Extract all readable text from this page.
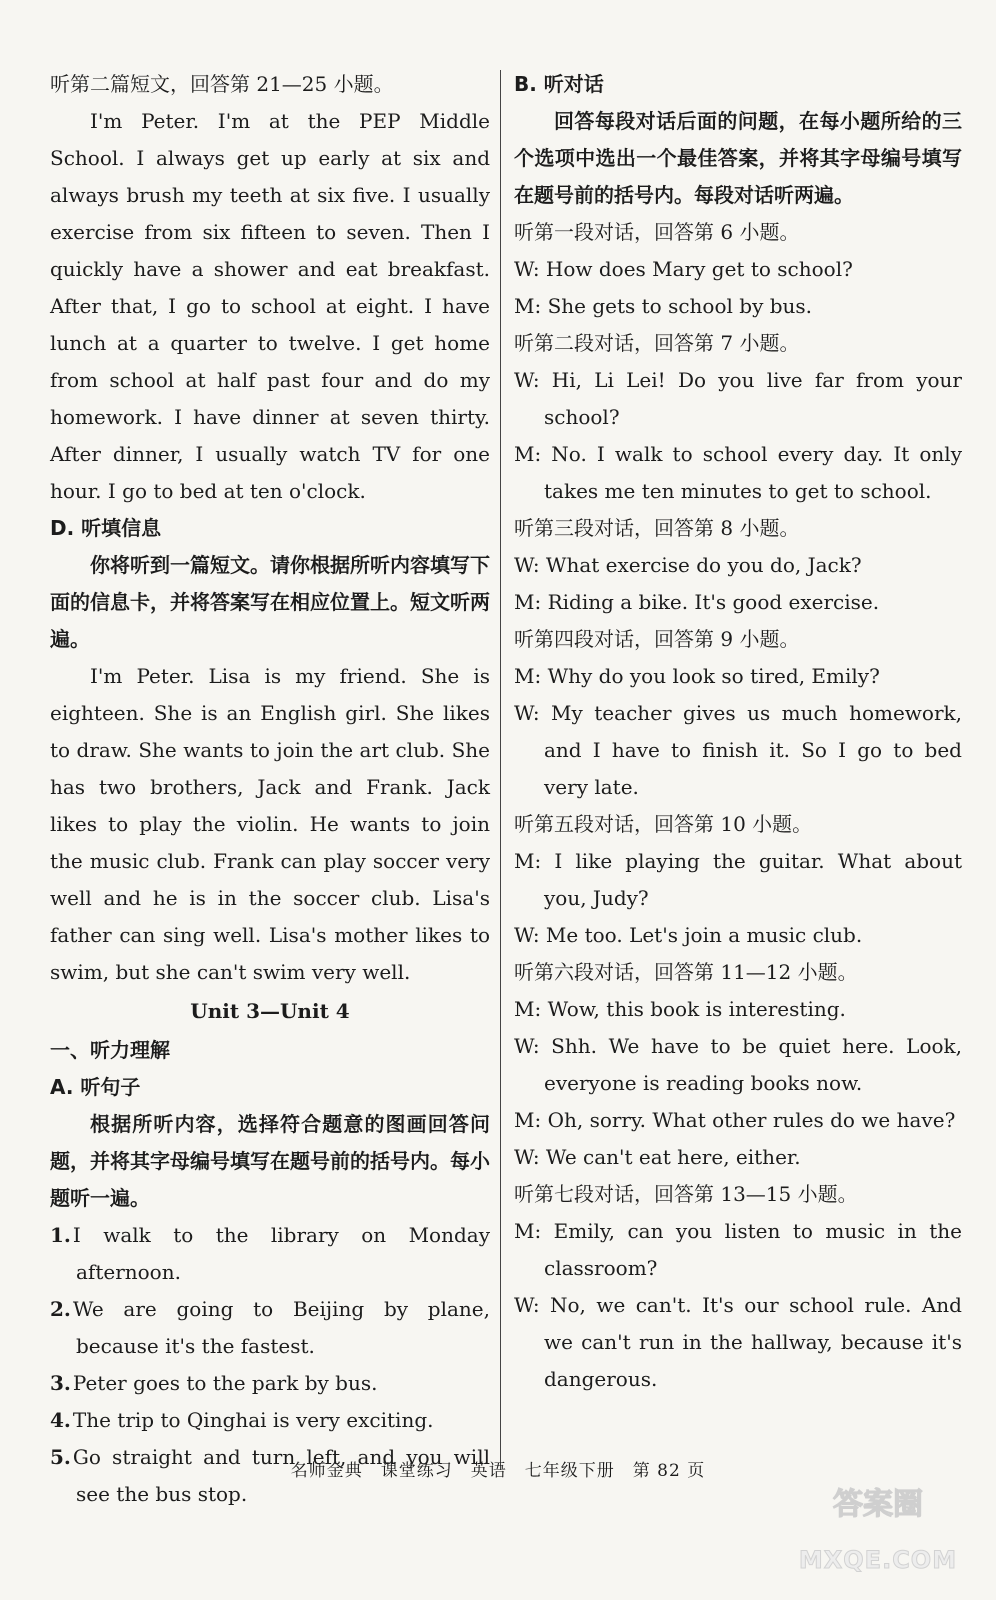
听第二篇短文，回答第 21—25 小题。

I'm Peter. I'm at the PEP Middle School. I always get up early at six and always brush my teeth at six five. I usually exercise from six fifteen to seven. Then I quickly have a shower and eat breakfast. After that, I go to school at eight. I have lunch at a quarter to twelve. I get home from school at half past four and do my homework. I have dinner at seven thirty. After dinner, I usually watch TV for one hour. I go to bed at ten o'clock.

D. 听填信息

你将听到一篇短文。请你根据所听内容填写下面的信息卡，并将答案写在相应位置上。短文听两遍。

I'm Peter. Lisa is my friend. She is eighteen. She is an English girl. She likes to draw. She wants to join the art club. She has two brothers, Jack and Frank. Jack likes to play the violin. He wants to join the music club. Frank can play soccer very well and he is in the soccer club. Lisa's father can sing well. Lisa's mother likes to swim, but she can't swim very well.

Unit 3—Unit 4

一、听力理解

A. 听句子

根据所听内容，选择符合题意的图画回答问题，并将其字母编号填写在题号前的括号内。每小题听一遍。

1. I walk to the library on Monday afternoon.

2. We are going to Beijing by plane, because it's the fastest.

3. Peter goes to the park by bus.

4. The trip to Qinghai is very exciting.

5. Go straight and turn left, and you will see the bus stop.

B. 听对话

回答每段对话后面的问题，在每小题所给的三个选项中选出一个最佳答案，并将其字母编号填写在题号前的括号内。每段对话听两遍。

听第一段对话，回答第 6 小题。

W: How does Mary get to school?

M: She gets to school by bus.

听第二段对话，回答第 7 小题。

W: Hi, Li Lei! Do you live far from your school?

M: No. I walk to school every day. It only takes me ten minutes to get to school.

听第三段对话，回答第 8 小题。

W: What exercise do you do, Jack?

M: Riding a bike. It's good exercise.

听第四段对话，回答第 9 小题。

M: Why do you look so tired, Emily?

W: My teacher gives us much homework, and I have to finish it. So I go to bed very late.

听第五段对话，回答第 10 小题。

M: I like playing the guitar. What about you, Judy?

W: Me too. Let's join a music club.

听第六段对话，回答第 11—12 小题。

M: Wow, this book is interesting.

W: Shh. We have to be quiet here. Look, everyone is reading books now.

M: Oh, sorry. What other rules do we have?

W: We can't eat here, either.

听第七段对话，回答第 13—15 小题。

M: Emily, can you listen to music in the classroom?

W: No, we can't. It's our school rule. And we can't run in the hallway, because it's dangerous.

名师金典　课堂练习　英语　七年级下册　第 82 页
答案圈
MXQE.COM
